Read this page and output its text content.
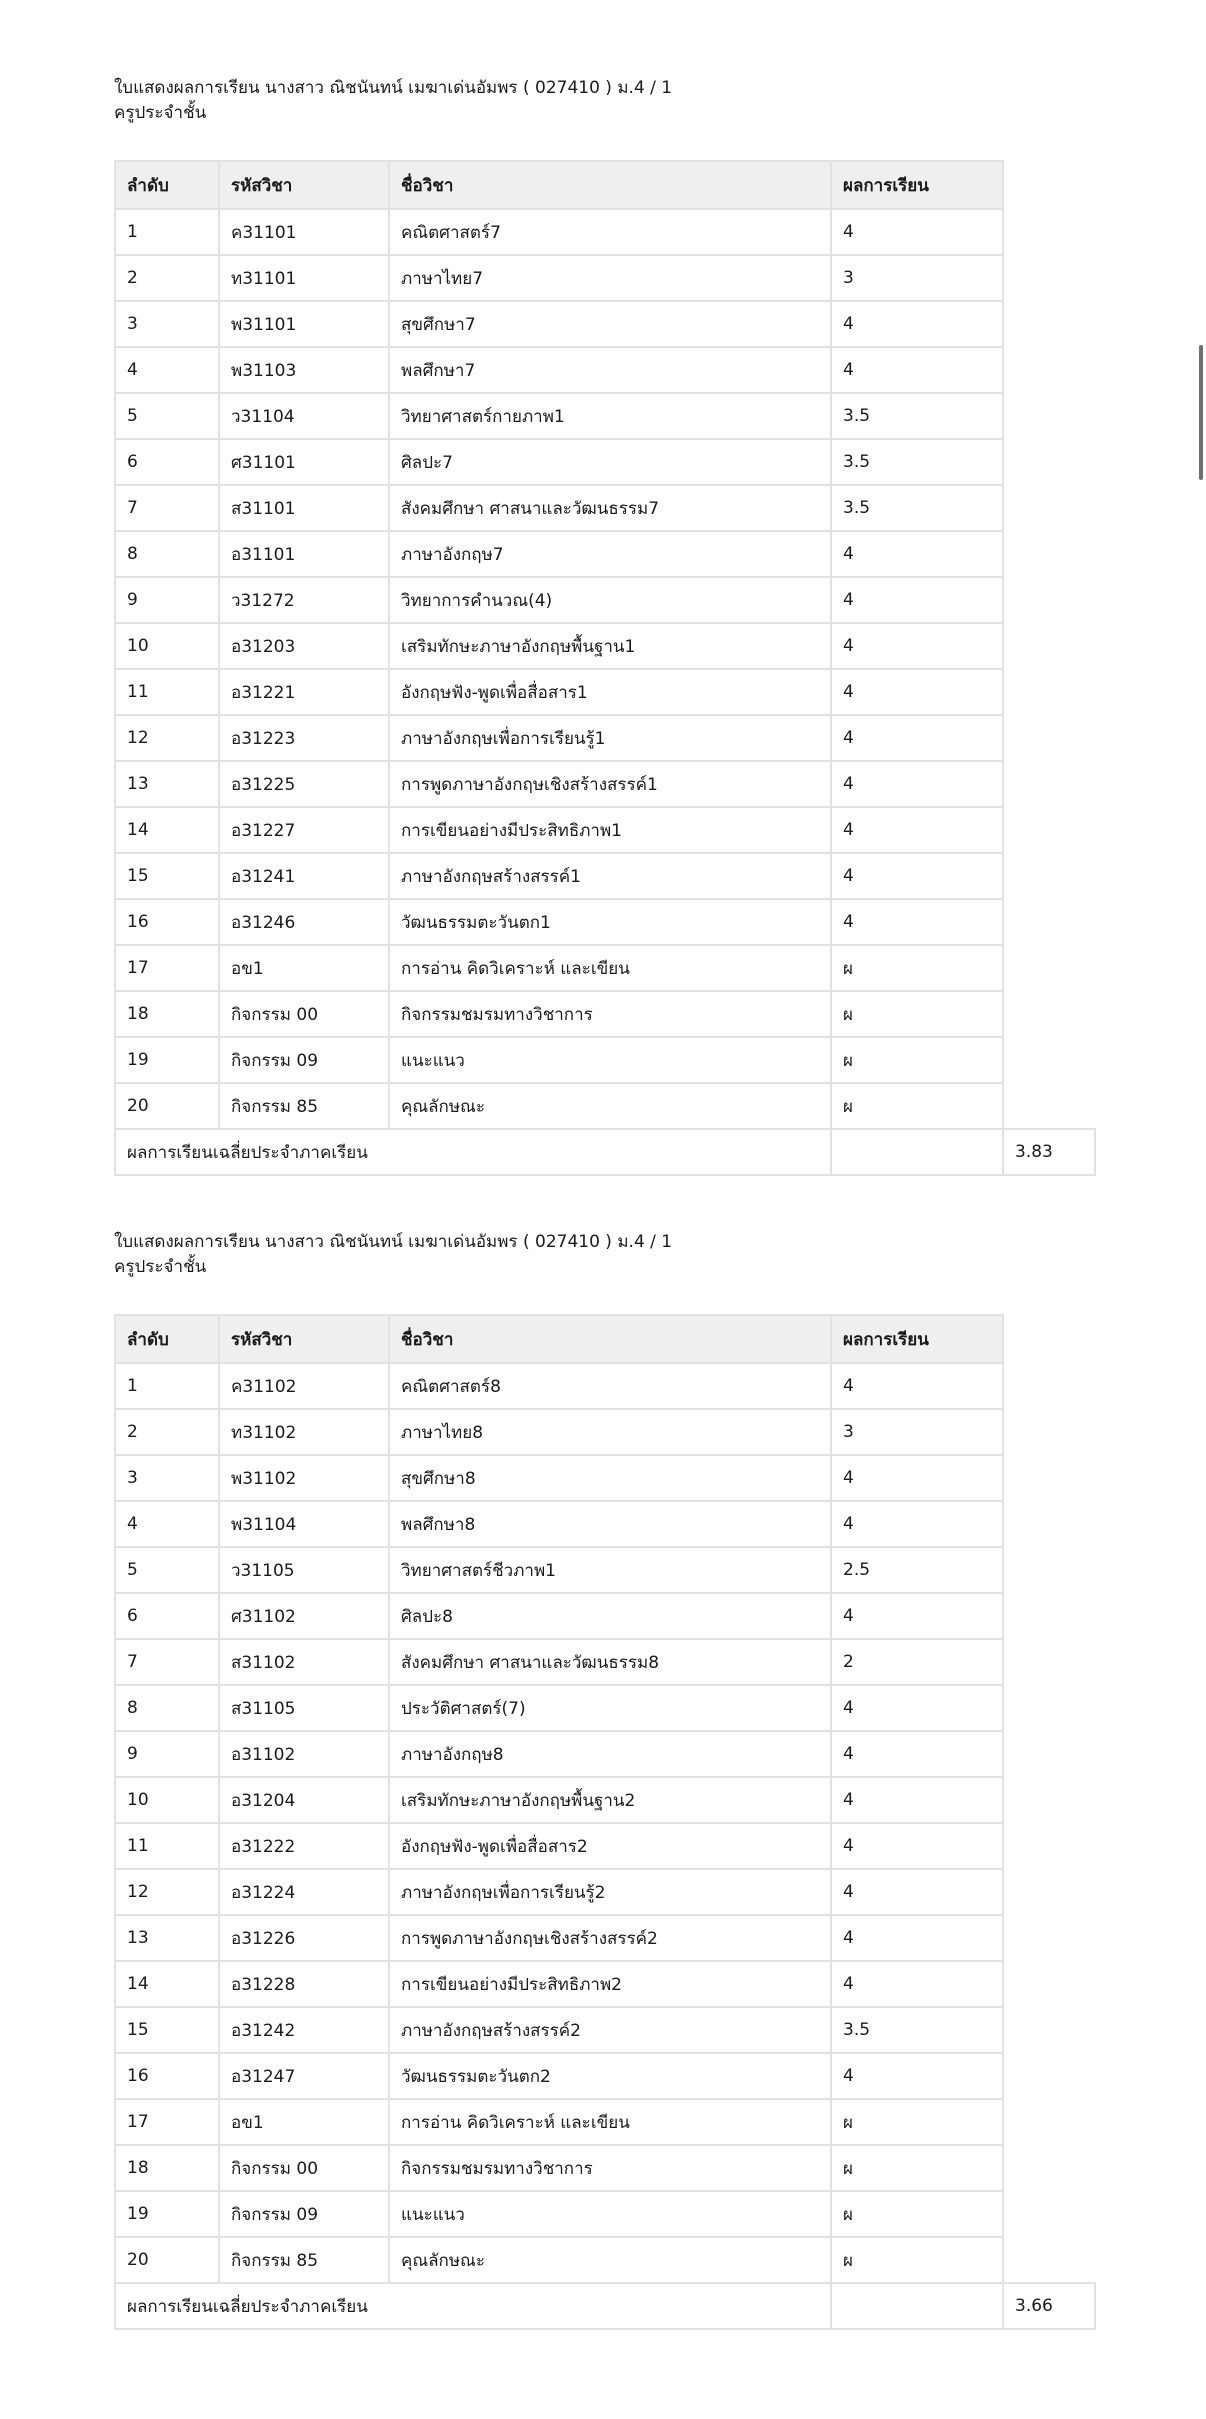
ใบแสดงผลการเรียน นางสาว ณิชนันทน์ เมฆาเด่นอัมพร ( 027410 ) ม.4 / 1
ครูประจำชั้น
ลำดับ	รหัสวิชา	ชื่อวิชา	ผลการเรียน	
1	ค31101	คณิตศาสตร์7	4	
2	ท31101	ภาษาไทย7	3	
3	พ31101	สุขศึกษา7	4	
4	พ31103	พลศึกษา7	4	
5	ว31104	วิทยาศาสตร์กายภาพ1	3.5	
6	ศ31101	ศิลปะ7	3.5	
7	ส31101	สังคมศึกษา ศาสนาและวัฒนธรรม7	3.5	
8	อ31101	ภาษาอังกฤษ7	4	
9	ว31272	วิทยาการคำนวณ(4)	4	
10	อ31203	เสริมทักษะภาษาอังกฤษพื้นฐาน1	4	
11	อ31221	อังกฤษฟัง-พูดเพื่อสื่อสาร1	4	
12	อ31223	ภาษาอังกฤษเพื่อการเรียนรู้1	4	
13	อ31225	การพูดภาษาอังกฤษเชิงสร้างสรรค์1	4	
14	อ31227	การเขียนอย่างมีประสิทธิภาพ1	4	
15	อ31241	ภาษาอังกฤษสร้างสรรค์1	4	
16	อ31246	วัฒนธรรมตะวันตก1	4	
17	อข1	การอ่าน คิดวิเคราะห์ และเขียน	ผ	
18	กิจกรรม 00	กิจกรรมชมรมทางวิชาการ	ผ	
19	กิจกรรม 09	แนะแนว	ผ	
20	กิจกรรม 85	คุณลักษณะ	ผ	
ผลการเรียนเฉลี่ยประจำภาคเรียน				3.83
ใบแสดงผลการเรียน นางสาว ณิชนันทน์ เมฆาเด่นอัมพร ( 027410 ) ม.4 / 1
ครูประจำชั้น
ลำดับ	รหัสวิชา	ชื่อวิชา	ผลการเรียน	
1	ค31102	คณิตศาสตร์8	4	
2	ท31102	ภาษาไทย8	3	
3	พ31102	สุขศึกษา8	4	
4	พ31104	พลศึกษา8	4	
5	ว31105	วิทยาศาสตร์ชีวภาพ1	2.5	
6	ศ31102	ศิลปะ8	4	
7	ส31102	สังคมศึกษา ศาสนาและวัฒนธรรม8	2	
8	ส31105	ประวัติศาสตร์(7)	4	
9	อ31102	ภาษาอังกฤษ8	4	
10	อ31204	เสริมทักษะภาษาอังกฤษพื้นฐาน2	4	
11	อ31222	อังกฤษฟัง-พูดเพื่อสื่อสาร2	4	
12	อ31224	ภาษาอังกฤษเพื่อการเรียนรู้2	4	
13	อ31226	การพูดภาษาอังกฤษเชิงสร้างสรรค์2	4	
14	อ31228	การเขียนอย่างมีประสิทธิภาพ2	4	
15	อ31242	ภาษาอังกฤษสร้างสรรค์2	3.5	
16	อ31247	วัฒนธรรมตะวันตก2	4	
17	อข1	การอ่าน คิดวิเคราะห์ และเขียน	ผ	
18	กิจกรรม 00	กิจกรรมชมรมทางวิชาการ	ผ	
19	กิจกรรม 09	แนะแนว	ผ	
20	กิจกรรม 85	คุณลักษณะ	ผ	
ผลการเรียนเฉลี่ยประจำภาคเรียน				3.66
